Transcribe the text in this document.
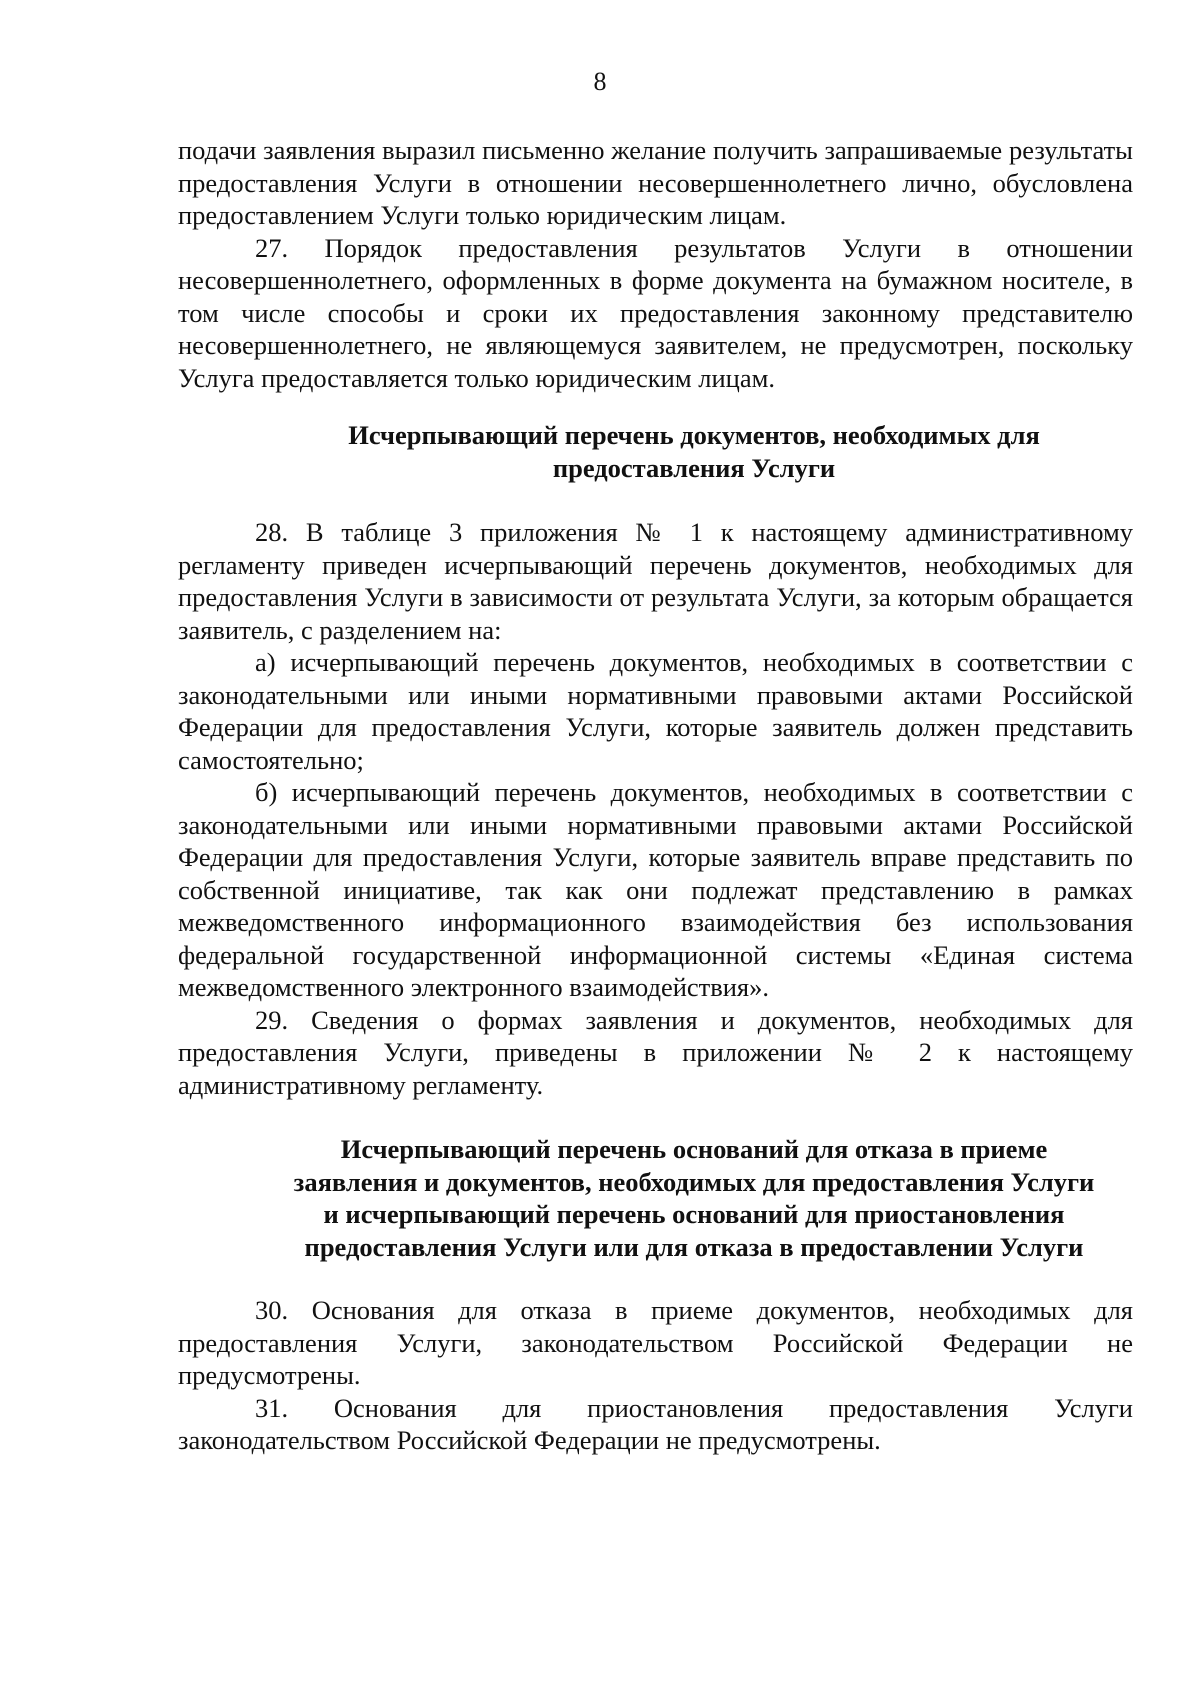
8

подачи заявления выразил письменно желание получить запрашиваемые результаты предоставления Услуги в отношении несовершеннолетнего лично, обусловлена предоставлением Услуги только юридическим лицам.

27. Порядок предоставления результатов Услуги в отношении несовершеннолетнего, оформленных в форме документа на бумажном носителе, в том числе способы и сроки их предоставления законному представителю несовершеннолетнего, не являющемуся заявителем, не предусмотрен, поскольку Услуга предоставляется только юридическим лицам.

Исчерпывающий перечень документов, необходимых для
предоставления Услуги

28. В таблице 3 приложения № 1 к настоящему административному регламенту приведен исчерпывающий перечень документов, необходимых для предоставления Услуги в зависимости от результата Услуги, за которым обращается заявитель, с разделением на:

а) исчерпывающий перечень документов, необходимых в соответствии с законодательными или иными нормативными правовыми актами Российской Федерации для предоставления Услуги, которые заявитель должен представить самостоятельно;

б) исчерпывающий перечень документов, необходимых в соответствии с законодательными или иными нормативными правовыми актами Российской Федерации для предоставления Услуги, которые заявитель вправе представить по собственной инициативе, так как они подлежат представлению в рамках межведомственного информационного взаимодействия без использования федеральной государственной информационной системы «Единая система межведомственного электронного взаимодействия».

29. Сведения о формах заявления и документов, необходимых для предоставления Услуги, приведены в приложении № 2 к настоящему административному регламенту.

Исчерпывающий перечень оснований для отказа в приеме
заявления и документов, необходимых для предоставления Услуги
и исчерпывающий перечень оснований для приостановления
предоставления Услуги или для отказа в предоставлении Услуги

30. Основания для отказа в приеме документов, необходимых для предоставления Услуги, законодательством Российской Федерации не предусмотрены.

31. Основания для приостановления предоставления Услуги законодательством Российской Федерации не предусмотрены.
